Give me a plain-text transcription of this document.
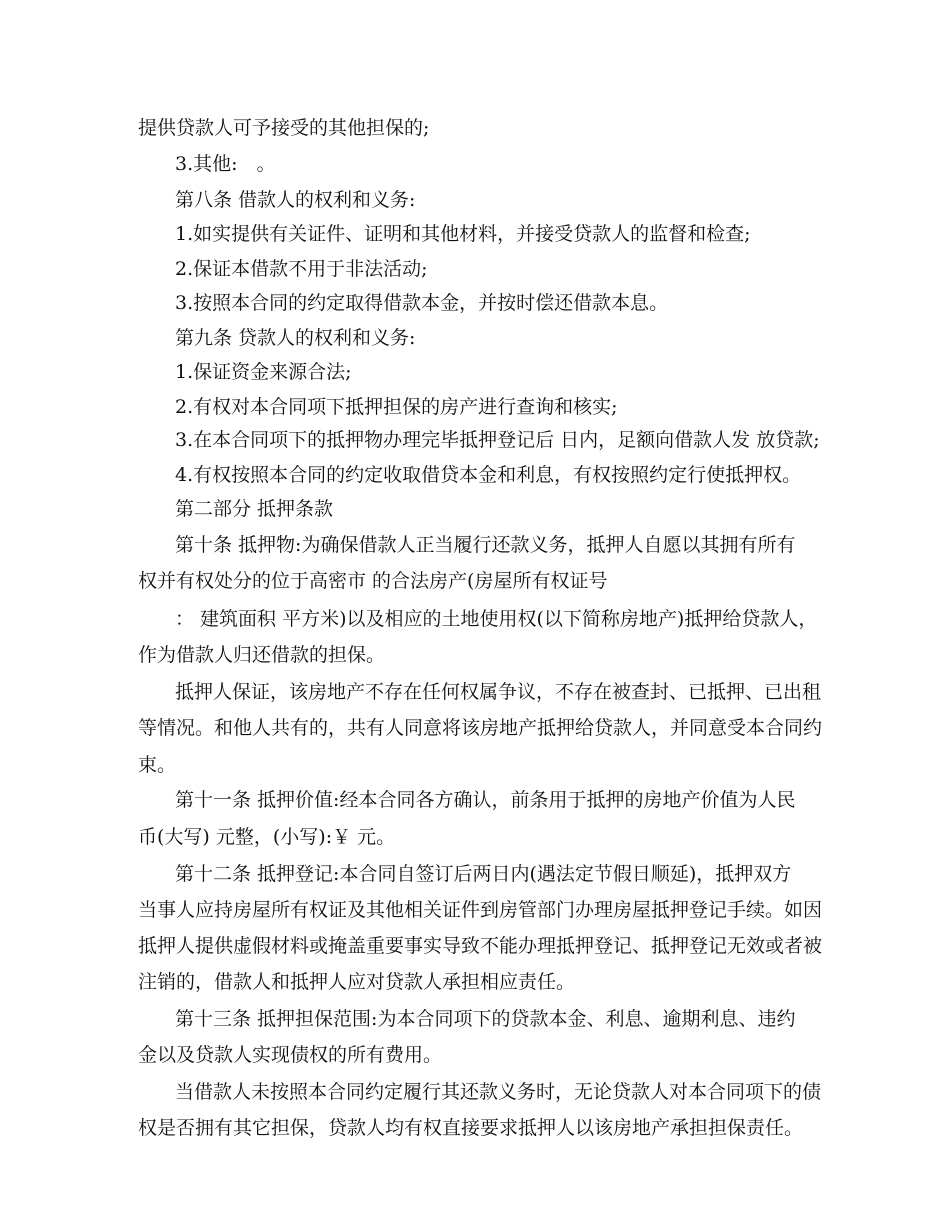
提供贷款人可予接受的其他担保的;
3.其他:　。
第八条 借款人的权利和义务:
1.如实提供有关证件、证明和其他材料，并接受贷款人的监督和检查;
2.保证本借款不用于非法活动;
3.按照本合同的约定取得借款本金，并按时偿还借款本息。
第九条 贷款人的权利和义务:
1.保证资金来源合法;
2.有权对本合同项下抵押担保的房产进行查询和核实;
3.在本合同项下的抵押物办理完毕抵押登记后 日内，足额向借款人发 放贷款;
4.有权按照本合同的约定收取借贷本金和利息，有权按照约定行使抵押权。
第二部分 抵押条款
第十条 抵押物:为确保借款人正当履行还款义务，抵押人自愿以其拥有所有
权并有权处分的位于高密市 的合法房产(房屋所有权证号
： 建筑面积 平方米)以及相应的土地使用权(以下简称房地产)抵押给贷款人，
作为借款人归还借款的担保。
抵押人保证，该房地产不存在任何权属争议，不存在被查封、已抵押、已出租
等情况。和他人共有的，共有人同意将该房地产抵押给贷款人，并同意受本合同约
束。
第十一条 抵押价值:经本合同各方确认，前条用于抵押的房地产价值为人民
币(大写) 元整，(小写):￥ 元。
第十二条 抵押登记:本合同自签订后两日内(遇法定节假日顺延)，抵押双方
当事人应持房屋所有权证及其他相关证件到房管部门办理房屋抵押登记手续。如因
抵押人提供虚假材料或掩盖重要事实导致不能办理抵押登记、抵押登记无效或者被
注销的，借款人和抵押人应对贷款人承担相应责任。
第十三条 抵押担保范围:为本合同项下的贷款本金、利息、逾期利息、违约
金以及贷款人实现债权的所有费用。
当借款人未按照本合同约定履行其还款义务时，无论贷款人对本合同项下的债
权是否拥有其它担保，贷款人均有权直接要求抵押人以该房地产承担担保责任。
